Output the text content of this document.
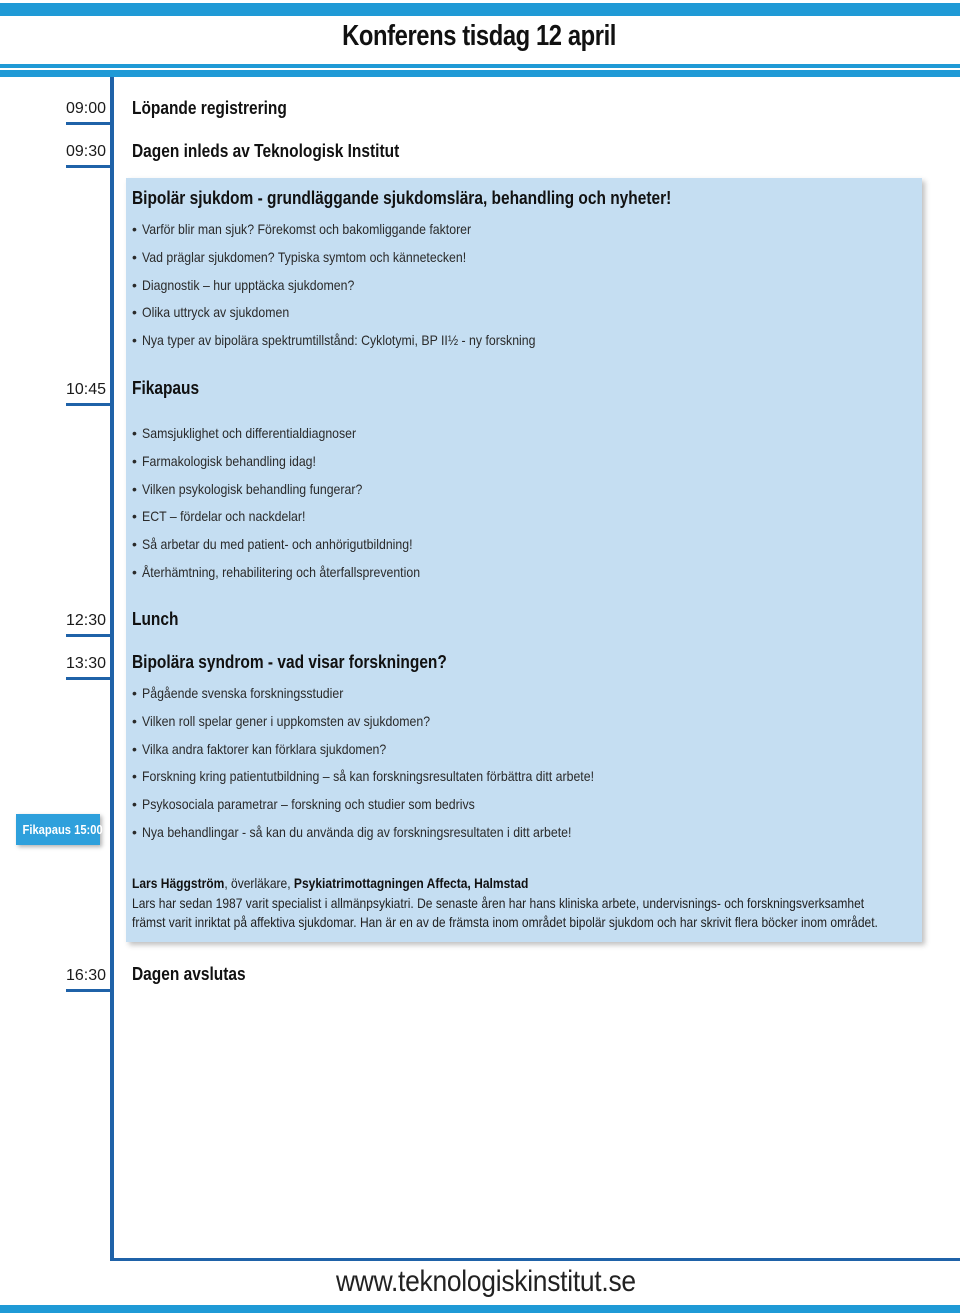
Konferens tisdag 12 april
09:00	Löpande registrering
09:30	Dagen inleds av Teknologisk Institut
Bipolär sjukdom - grundläggande sjukdomslära, behandling och nyheter!
• Varför blir man sjuk? Förekomst och bakomliggande faktorer
• Vad präglar sjukdomen? Typiska symtom och kännetecken!
• Diagnostik – hur upptäcka sjukdomen?
• Olika uttryck av sjukdomen
• Nya typer av bipolära spektrumtillstånd: Cyklotymi, BP II½ - ny forskning
10:45	Fikapaus
• Samsjuklighet och differentialdiagnoser
• Farmakologisk behandling idag!
• Vilken psykologisk behandling fungerar?
• ECT – fördelar och nackdelar!
• Så arbetar du med patient- och anhörigutbildning!
• Återhämtning, rehabilitering och återfallsprevention
12:30	Lunch
13:30	Bipolära syndrom - vad visar forskningen?
• Pågående svenska forskningsstudier
• Vilken roll spelar gener i uppkomsten av sjukdomen?
• Vilka andra faktorer kan förklara sjukdomen?
• Forskning kring patientutbildning – så kan forskningsresultaten förbättra ditt arbete!
• Psykosociala parametrar – forskning och studier som bedrivs
• Nya behandlingar - så kan du använda dig av forskningsresultaten i ditt arbete!
Fikapaus 15:00
Lars Häggström, överläkare, Psykiatrimottagningen Affecta, Halmstad
Lars har sedan 1987 varit specialist i allmänpsykiatri. De senaste åren har hans kliniska arbete, undervisnings- och forskningsverksamhet
främst varit inriktat på affektiva sjukdomar. Han är en av de främsta inom området bipolär sjukdom och har skrivit flera böcker inom området.
16:30	Dagen avslutas
www.teknologiskinstitut.se
